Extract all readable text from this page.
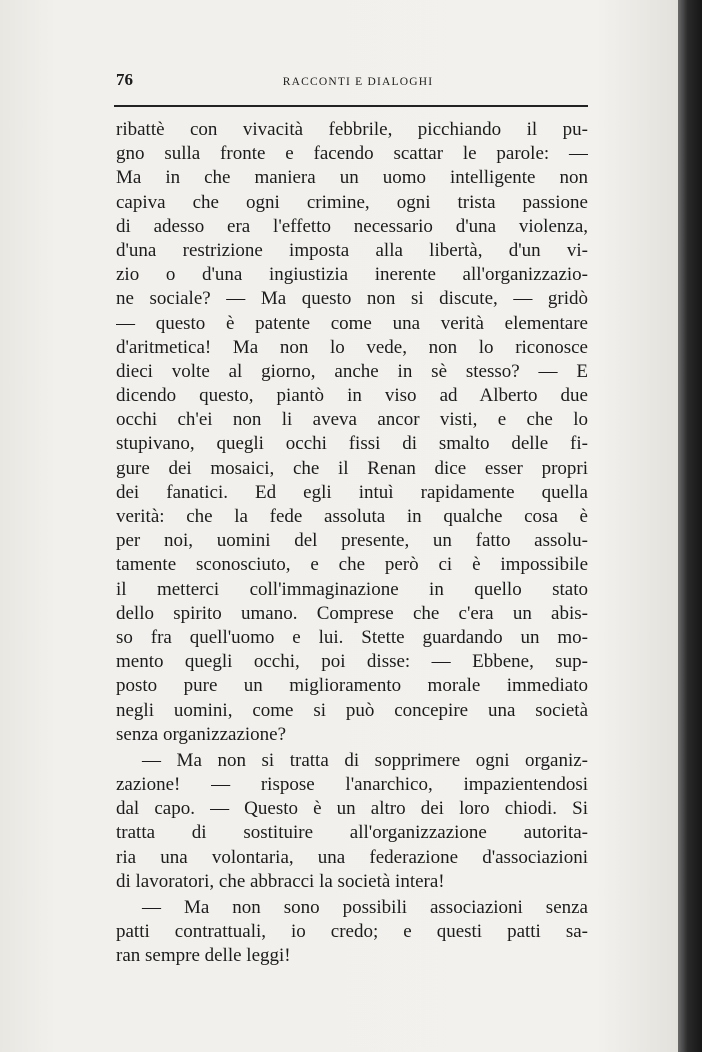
76	RACCONTI E DIALOGHI
ribattè con vivacità febbrile, picchiando il pu-
gno sulla fronte e facendo scattar le parole: —
Ma in che maniera un uomo intelligente non
capiva che ogni crimine, ogni trista passione
di adesso era l'effetto necessario d'una violenza,
d'una restrizione imposta alla libertà, d'un vi-
zio o d'una ingiustizia inerente all'organizzazio-
ne sociale? — Ma questo non si discute, — gridò
— questo è patente come una verità elementare
d'aritmetica! Ma non lo vede, non lo riconosce
dieci volte al giorno, anche in sè stesso? — E
dicendo questo, piantò in viso ad Alberto due
occhi ch'ei non li aveva ancor visti, e che lo
stupivano, quegli occhi fissi di smalto delle fi-
gure dei mosaici, che il Renan dice esser propri
dei fanatici. Ed egli intuì rapidamente quella
verità: che la fede assoluta in qualche cosa è
per noi, uomini del presente, un fatto assolu-
tamente sconosciuto, e che però ci è impossibile
il metterci coll'immaginazione in quello stato
dello spirito umano. Comprese che c'era un abis-
so fra quell'uomo e lui. Stette guardando un mo-
mento quegli occhi, poi disse: — Ebbene, sup-
posto pure un miglioramento morale immediato
negli uomini, come si può concepire una società
senza organizzazione?
— Ma non si tratta di sopprimere ogni organiz-
zazione! — rispose l'anarchico, impazientendosi
dal capo. — Questo è un altro dei loro chiodi. Si
tratta di sostituire all'organizzazione autorita-
ria una volontaria, una federazione d'associazioni
di lavoratori, che abbracci la società intera!
— Ma non sono possibili associazioni senza
patti contrattuali, io credo; e questi patti sa-
ran sempre delle leggi!
